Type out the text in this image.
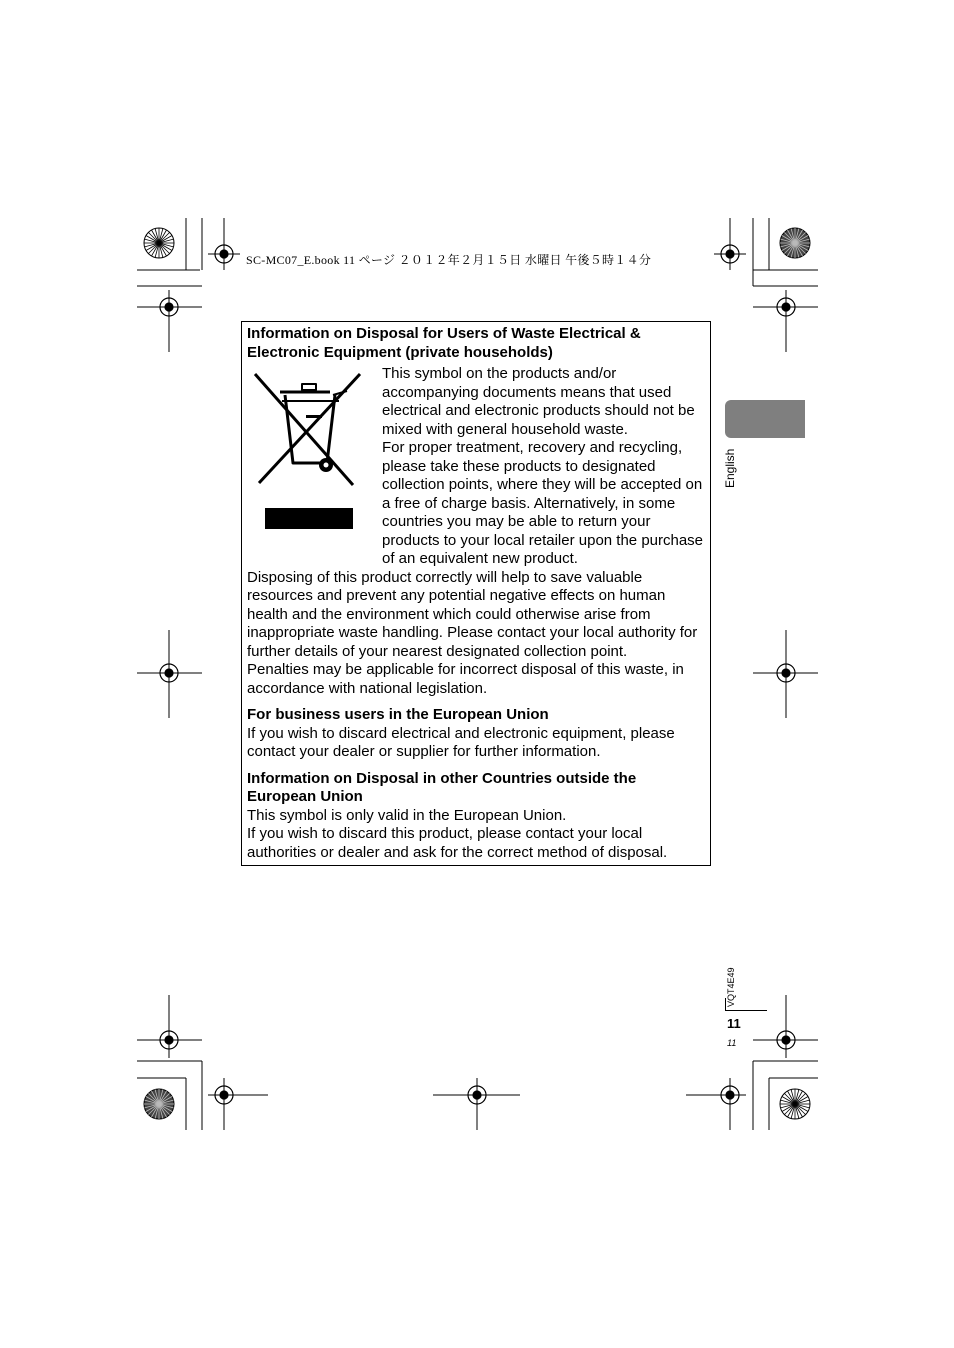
SC-MC07_E.book 11 ページ ２０１２年２月１５日 水曜日 午後５時１４分
English

Information on Disposal for Users of Waste Electrical & Electronic Equipment (private households)

This symbol on the products and/or accompanying documents means that used electrical and electronic products should not be mixed with general household waste.

For proper treatment, recovery and recycling, please take these products to designated collection points, where they will be accepted on a free of charge basis. Alternatively, in some countries you may be able to return your products to your local retailer upon the purchase of an equivalent new product.

Disposing of this product correctly will help to save valuable resources and prevent any potential negative effects on human health and the environment which could otherwise arise from inappropriate waste handling. Please contact your local authority for further details of your nearest designated collection point.

Penalties may be applicable for incorrect disposal of this waste, in accordance with national legislation.

For business users in the European Union

If you wish to discard electrical and electronic equipment, please contact your dealer or supplier for further information.

Information on Disposal in other Countries outside the European Union

This symbol is only valid in the European Union.

If you wish to discard this product, please contact your local authorities or dealer and ask for the correct method of disposal.

VQT4E49
11
11
